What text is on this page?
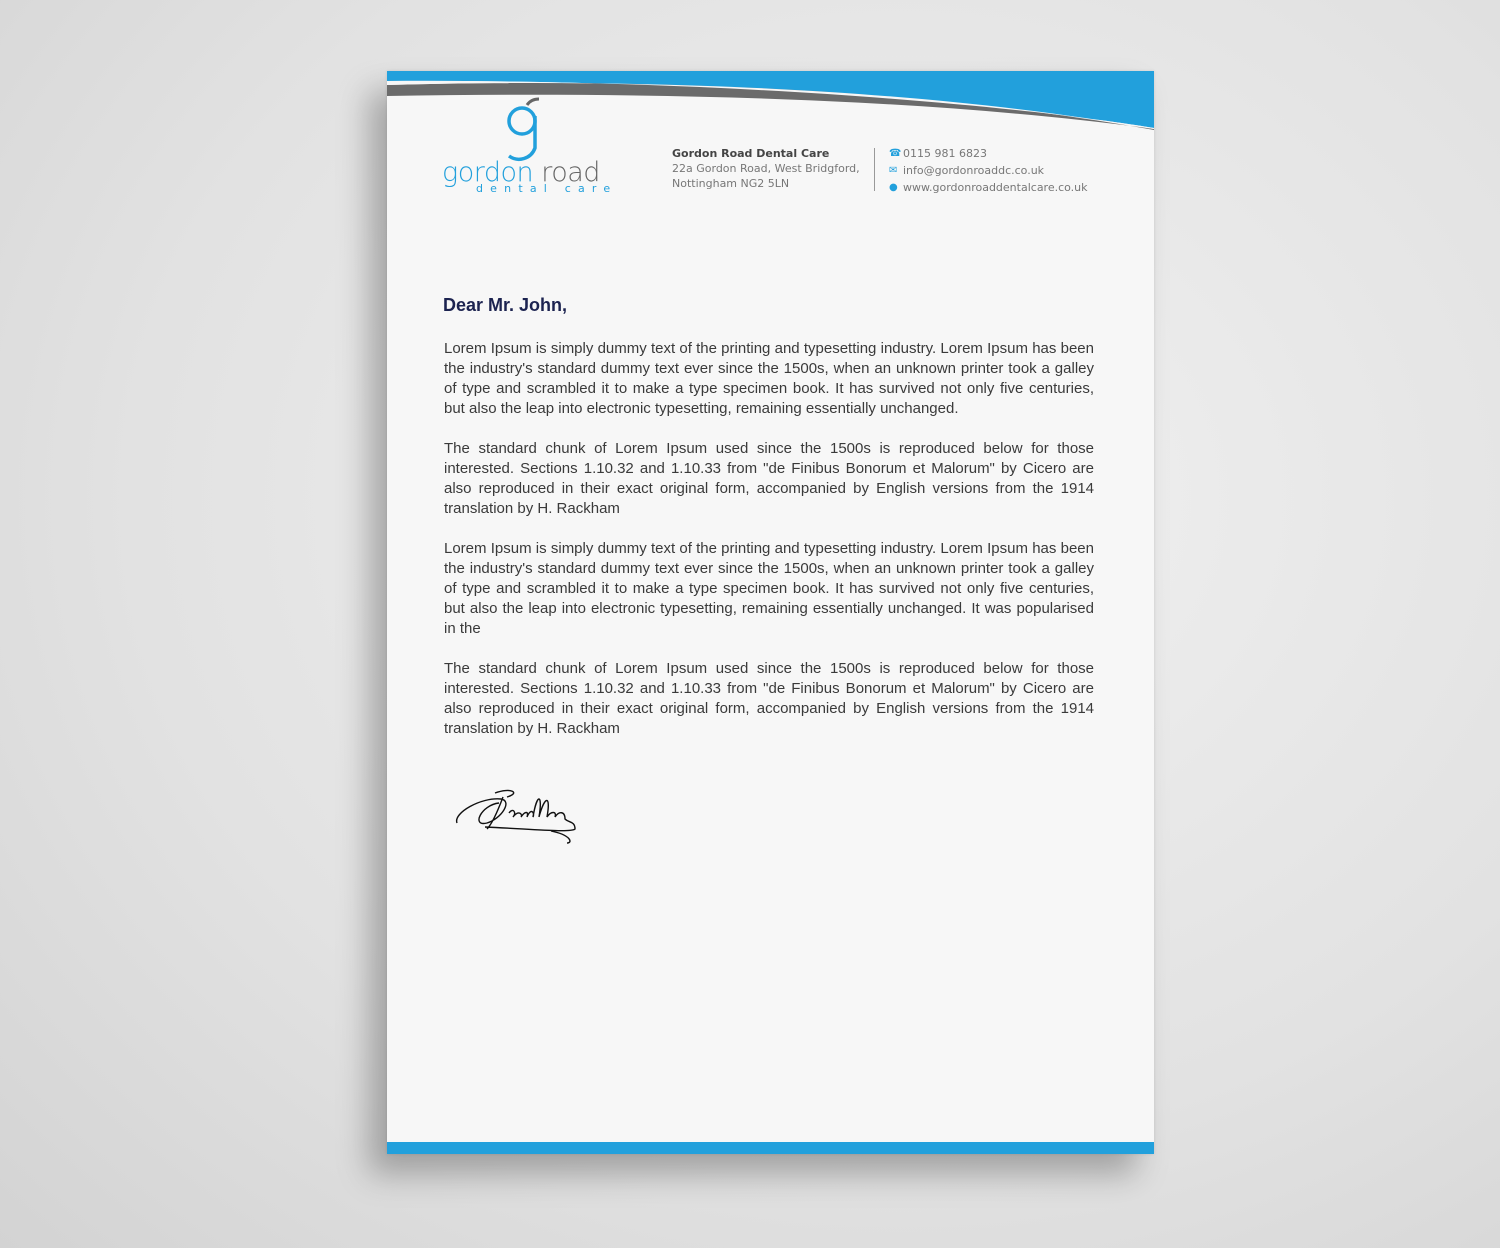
gordon road
dental care
Gordon Road Dental Care
22a Gordon Road, West Bridgford,
Nottingham NG2 5LN
☎ 0115 981 6823
✉ info@gordonroaddc.co.uk
● www.gordonroaddentalcare.co.uk
Dear Mr. John,

Lorem Ipsum is simply dummy text of the printing and typesetting industry. Lorem Ipsum has been the industry's standard dummy text ever since the 1500s, when an unknown printer took a galley of type and scrambled it to make a type specimen book. It has survived not only five centuries, but also the leap into electronic typesetting, remaining essentially unchanged.

The standard chunk of Lorem Ipsum used since the 1500s is reproduced below for those interested. Sections 1.10.32 and 1.10.33 from "de Finibus Bonorum et Malorum" by Cicero are also reproduced in their exact original form, accompanied by English versions from the 1914 translation by H. Rackham

Lorem Ipsum is simply dummy text of the printing and typesetting industry. Lorem Ipsum has been the industry's standard dummy text ever since the 1500s, when an unknown printer took a galley of type and scrambled it to make a type specimen book. It has survived not only five centuries, but also the leap into electronic typesetting, remaining essentially unchanged. It was popularised in the

The standard chunk of Lorem Ipsum used since the 1500s is reproduced below for those interested. Sections 1.10.32 and 1.10.33 from "de Finibus Bonorum et Malorum" by Cicero are also reproduced in their exact original form, accompanied by English versions from the 1914 translation by H. Rackham
